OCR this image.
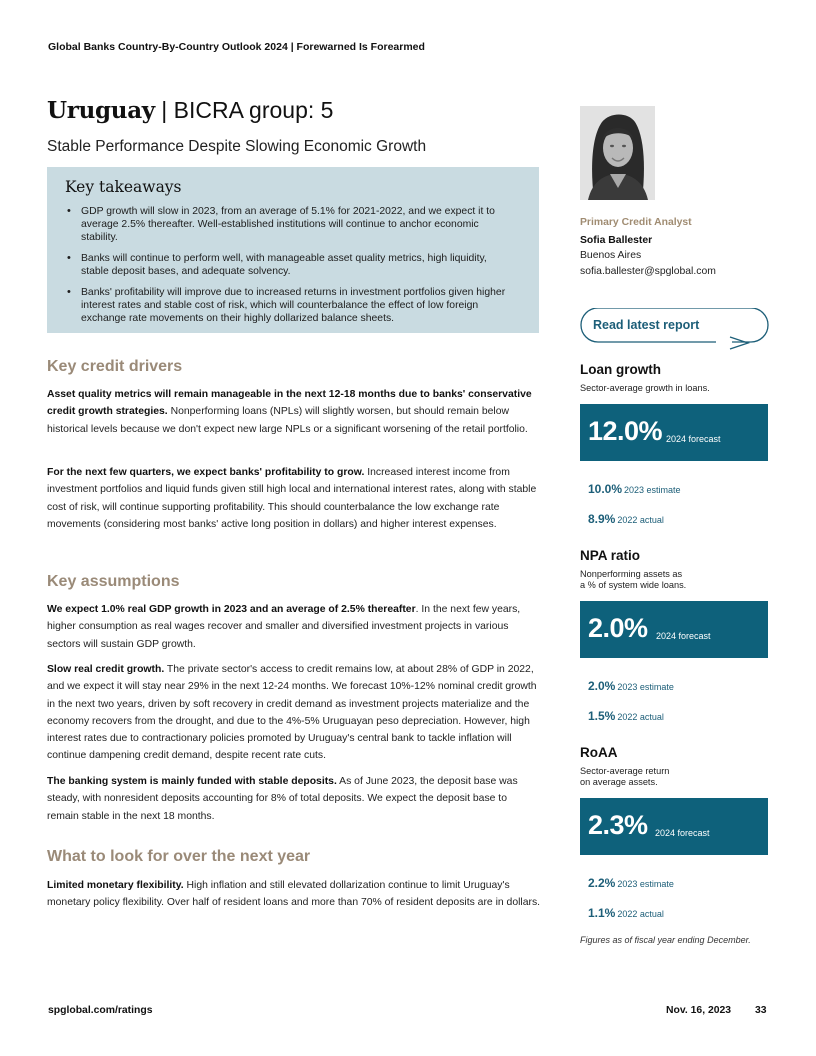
Global Banks Country-By-Country Outlook 2024 | Forewarned Is Forearmed
Uruguay | BICRA group: 5
Stable Performance Despite Slowing Economic Growth
Key takeaways
• GDP growth will slow in 2023, from an average of 5.1% for 2021-2022, and we expect it to average 2.5% thereafter. Well-established institutions will continue to anchor economic stability.
• Banks will continue to perform well, with manageable asset quality metrics, high liquidity, stable deposit bases, and adequate solvency.
• Banks' profitability will improve due to increased returns in investment portfolios given higher interest rates and stable cost of risk, which will counterbalance the effect of low foreign exchange rate movements on their highly dollarized balance sheets.
Key credit drivers

Asset quality metrics will remain manageable in the next 12-18 months due to banks' conservative credit growth strategies. Nonperforming loans (NPLs) will slightly worsen, but should remain below historical levels because we don't expect new large NPLs or a significant worsening of the retail portfolio.

For the next few quarters, we expect banks' profitability to grow. Increased interest income from investment portfolios and liquid funds given still high local and international interest rates, along with stable cost of risk, will continue supporting profitability. This should counterbalance the low exchange rate movements (considering most banks' active long position in dollars) and higher interest expenses.

Key assumptions

We expect 1.0% real GDP growth in 2023 and an average of 2.5% thereafter. In the next few years, higher consumption as real wages recover and smaller and diversified investment projects in various sectors will sustain GDP growth.

Slow real credit growth. The private sector's access to credit remains low, at about 28% of GDP in 2022, and we expect it will stay near 29% in the next 12-24 months. We forecast 10%-12% nominal credit growth in the next two years, driven by soft recovery in credit demand as investment projects materialize and the economy recovers from the drought, and due to the 4%-5% Uruguayan peso depreciation. However, high interest rates due to contractionary policies promoted by Uruguay's central bank to tackle inflation will continue dampening credit demand, despite recent rate cuts.

The banking system is mainly funded with stable deposits. As of June 2023, the deposit base was steady, with nonresident deposits accounting for 8% of total deposits. We expect the deposit base to remain stable in the next 18 months.

What to look for over the next year

Limited monetary flexibility. High inflation and still elevated dollarization continue to limit Uruguay's monetary policy flexibility. Over half of resident loans and more than 70% of resident deposits are in dollars.

Primary Credit Analyst
Sofia Ballester
Buenos Aires
sofia.ballester@spglobal.com
Read latest report
Loan growth
Sector-average growth in loans.
12.0% 2024 forecast
10.0% 2023 estimate
8.9% 2022 actual
NPA ratio
Nonperforming assets as
a % of system wide loans.
2.0% 2024 forecast
2.0% 2023 estimate
1.5% 2022 actual
RoAA
Sector-average return
on average assets.
2.3% 2024 forecast
2.2% 2023 estimate
1.1% 2022 actual
Figures as of fiscal year ending December.
spglobal.com/ratings	Nov. 16, 2023 33
